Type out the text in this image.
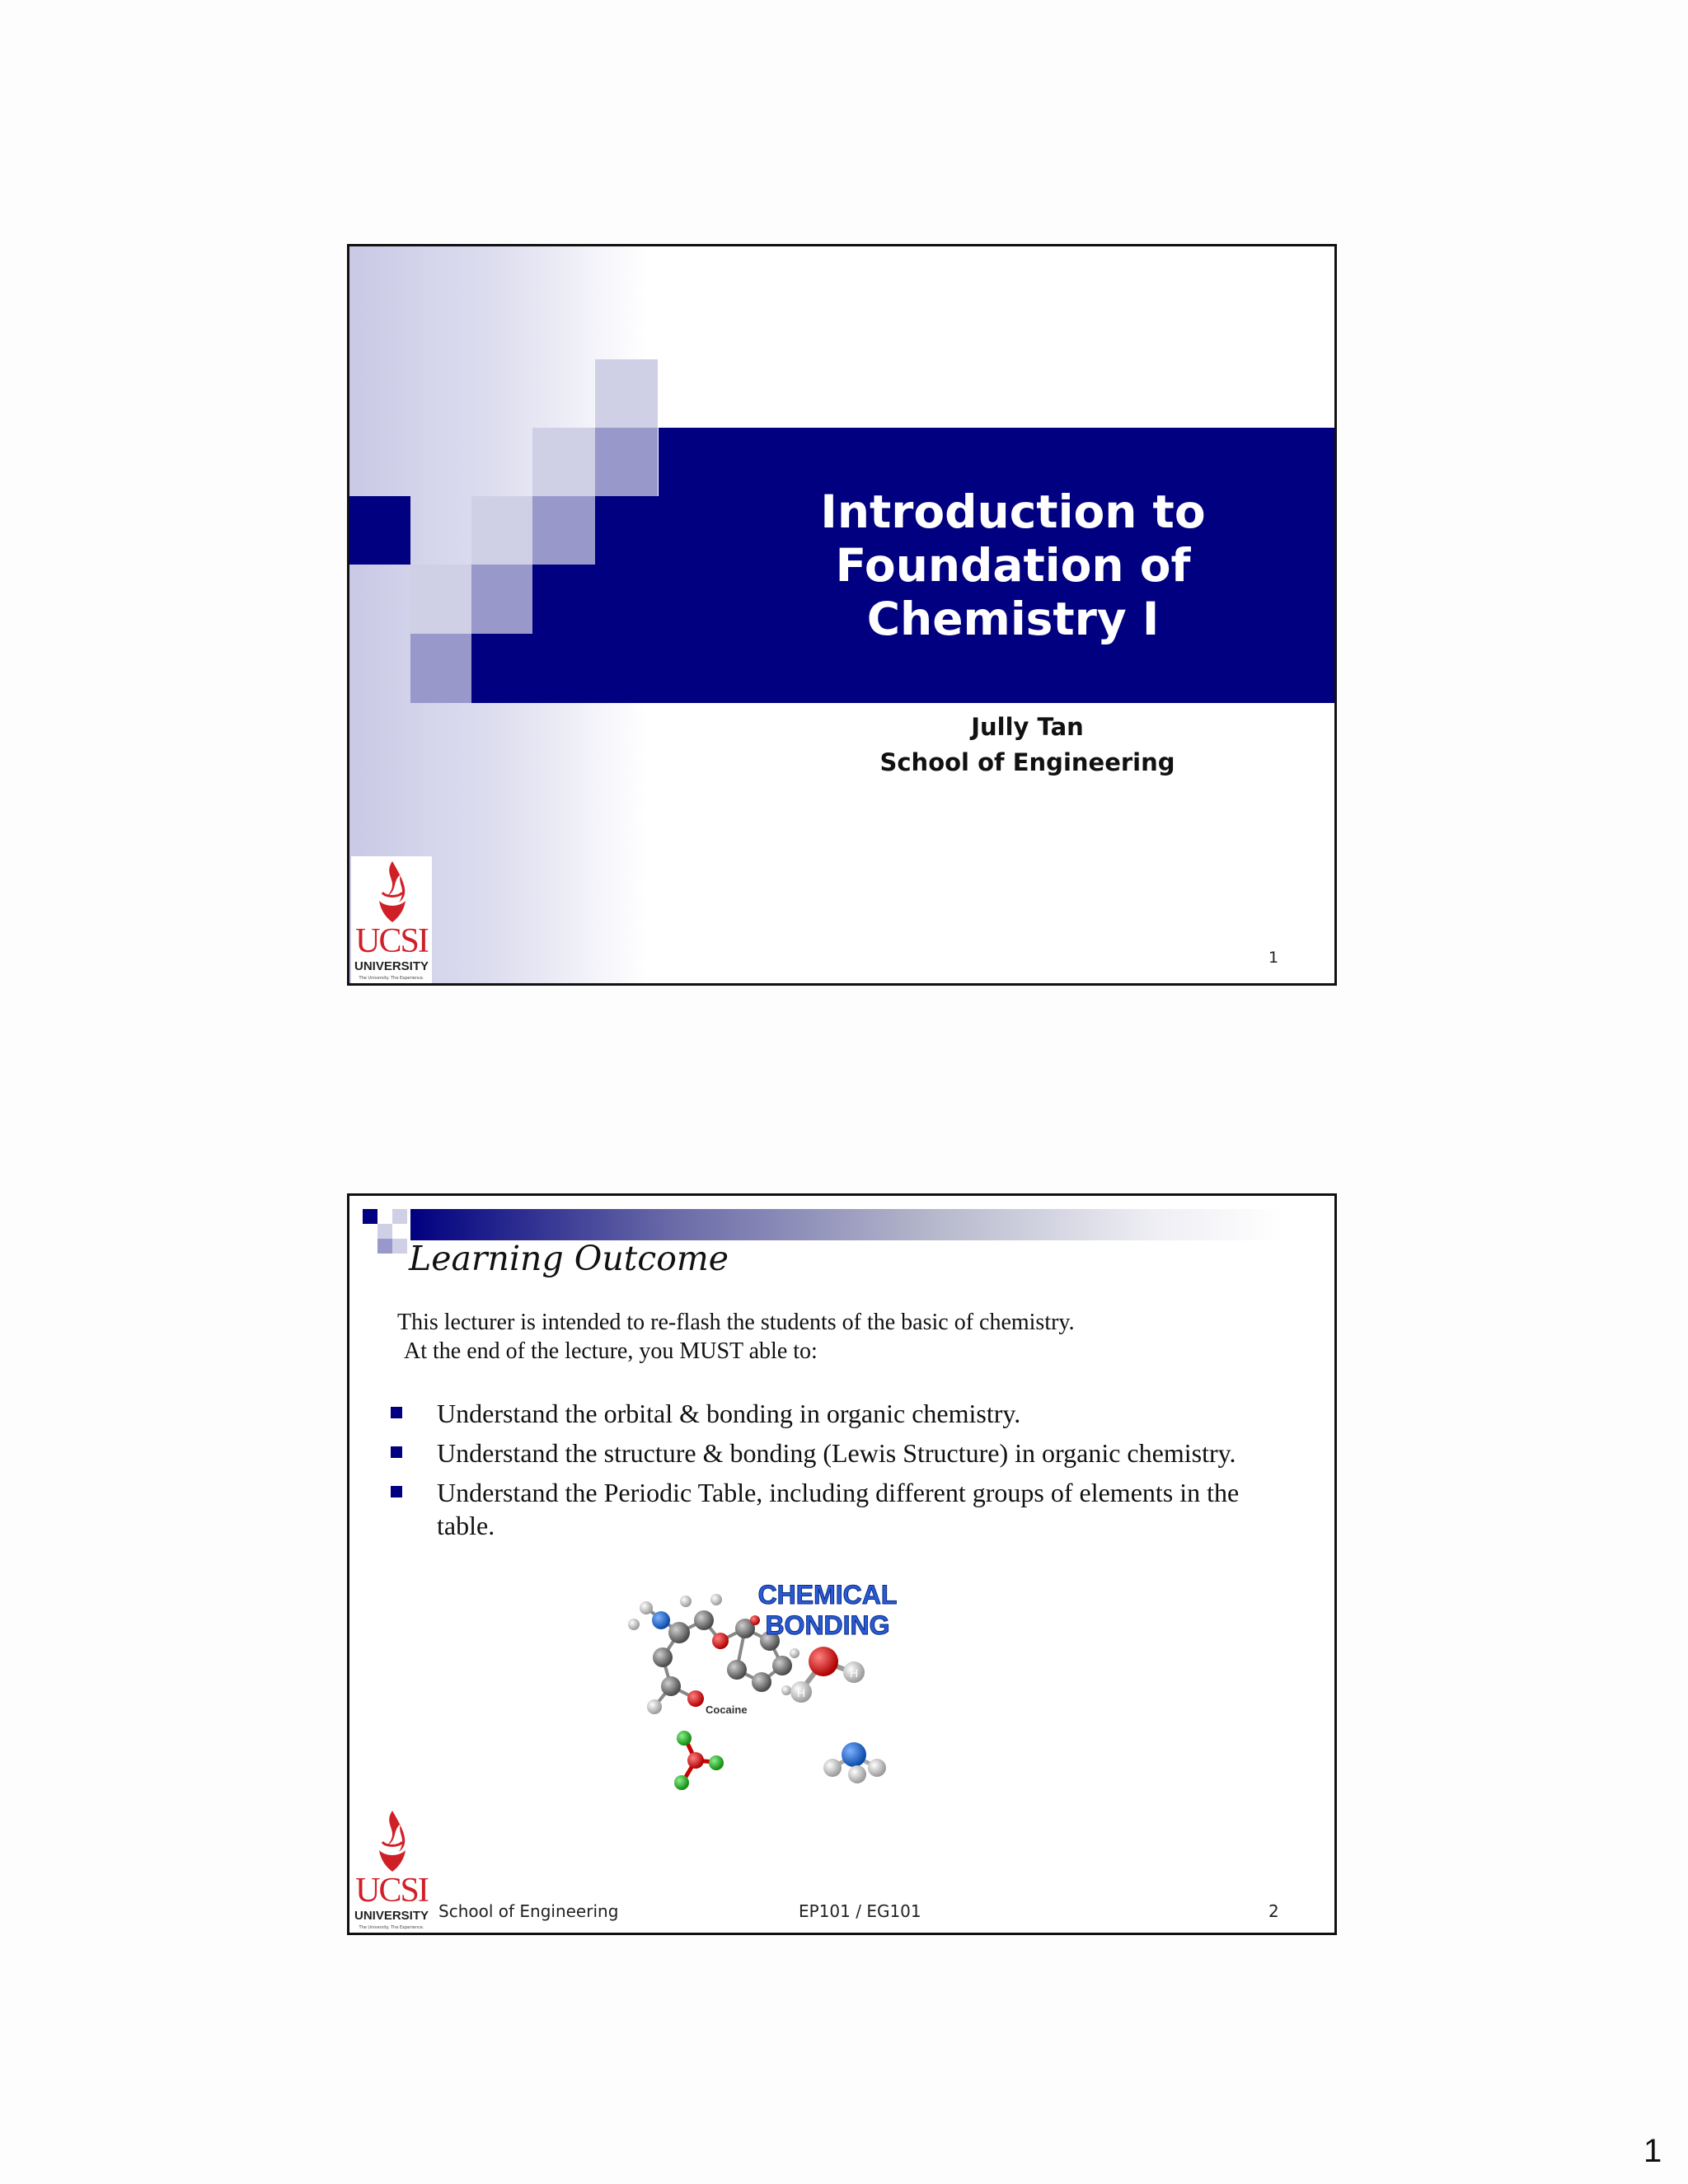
Introduction to Foundation of Chemistry I
Jully Tan
School of Engineering
1
UCSI
UNIVERSITY
The University. The Experience.
Learning Outcome
This lecturer is intended to re-flash the students of the basic of chemistry.
At the end of the lecture, you MUST able to:
Understand the orbital & bonding in organic chemistry.
Understand the structure & bonding (Lewis Structure) in organic chemistry.
Understand the Periodic Table, including different groups of elements in the table.
Cocaine
CHEMICAL
BONDING
H
H
UCSI
UNIVERSITY
The University. The Experience.
School of Engineering	EP101 / EG101	2
1
